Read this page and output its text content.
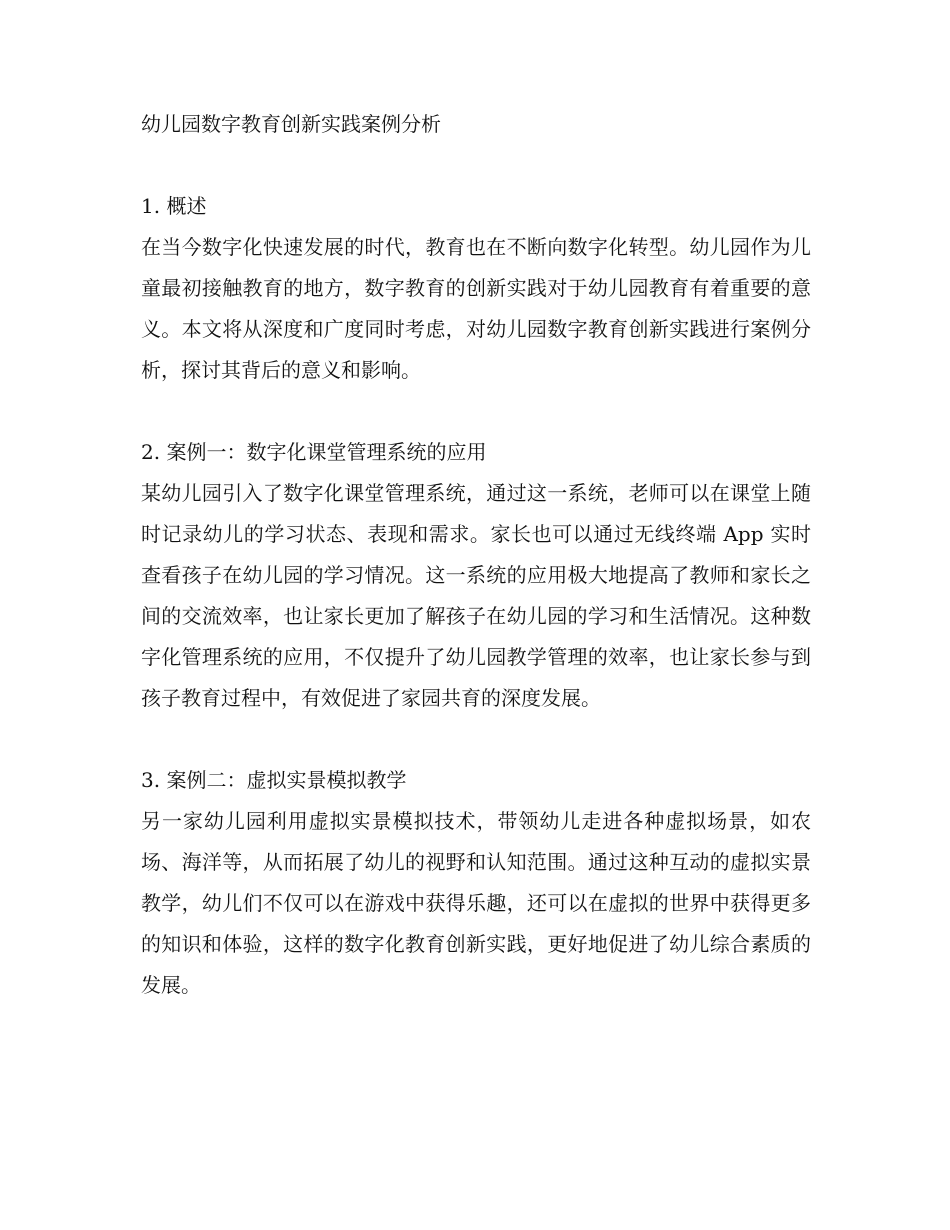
幼儿园数字教育创新实践案例分析
1. 概述

在当今数字化快速发展的时代，教育也在不断向数字化转型。幼儿园作为儿童最初接触教育的地方，数字教育的创新实践对于幼儿园教育有着重要的意义。本文将从深度和广度同时考虑，对幼儿园数字教育创新实践进行案例分析，探讨其背后的意义和影响。

2. 案例一：数字化课堂管理系统的应用

某幼儿园引入了数字化课堂管理系统，通过这一系统，老师可以在课堂上随时记录幼儿的学习状态、表现和需求。家长也可以通过无线终端 App 实时查看孩子在幼儿园的学习情况。这一系统的应用极大地提高了教师和家长之间的交流效率，也让家长更加了解孩子在幼儿园的学习和生活情况。这种数字化管理系统的应用，不仅提升了幼儿园教学管理的效率，也让家长参与到孩子教育过程中，有效促进了家园共育的深度发展。

3. 案例二：虚拟实景模拟教学

另一家幼儿园利用虚拟实景模拟技术，带领幼儿走进各种虚拟场景，如农场、海洋等，从而拓展了幼儿的视野和认知范围。通过这种互动的虚拟实景教学，幼儿们不仅可以在游戏中获得乐趣，还可以在虚拟的世界中获得更多的知识和体验，这样的数字化教育创新实践，更好地促进了幼儿综合素质的发展。
